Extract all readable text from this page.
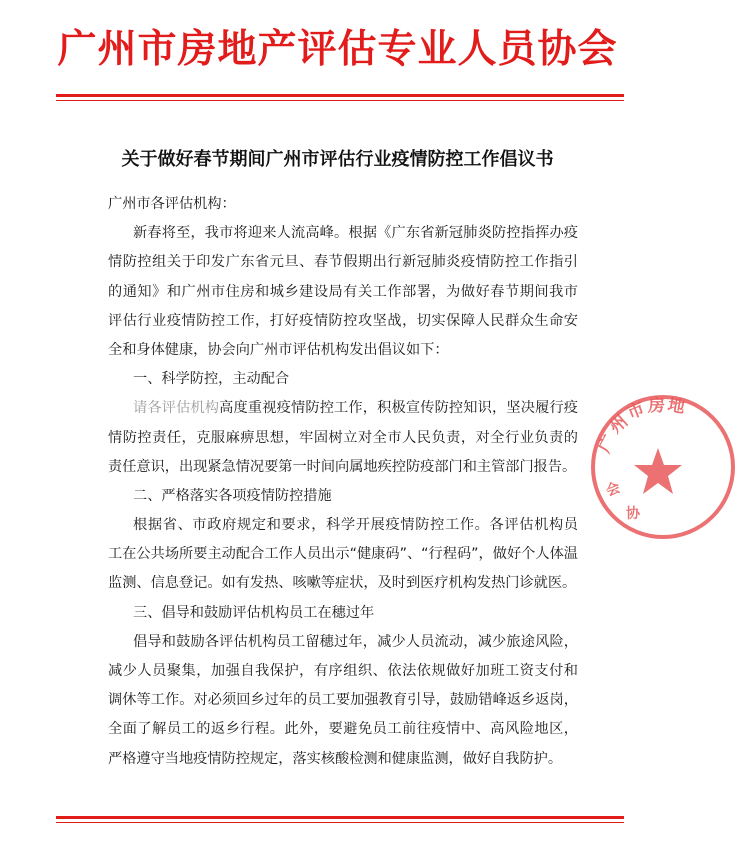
广州市房地产评估专业人员协会
关于做好春节期间广州市评估行业疫情防控工作倡议书
广州市各评估机构：
新春将至，我市将迎来人流高峰。根据《广东省新冠肺炎防控指挥办疫
情防控组关于印发广东省元旦、春节假期出行新冠肺炎疫情防控工作指引
的通知》和广州市住房和城乡建设局有关工作部署，为做好春节期间我市
评估行业疫情防控工作，打好疫情防控攻坚战，切实保障人民群众生命安
全和身体健康，协会向广州市评估机构发出倡议如下：
一、科学防控，主动配合
请各评估机构高度重视疫情防控工作，积极宣传防控知识，坚决履行疫
情防控责任，克服麻痹思想，牢固树立对全市人民负责，对全行业负责的
责任意识，出现紧急情况要第一时间向属地疾控防疫部门和主管部门报告。
二、严格落实各项疫情防控措施
根据省、市政府规定和要求，科学开展疫情防控工作。各评估机构员
工在公共场所要主动配合工作人员出示“健康码”、“行程码”，做好个人体温
监测、信息登记。如有发热、咳嗽等症状，及时到医疗机构发热门诊就医。
三、倡导和鼓励评估机构员工在穗过年
倡导和鼓励各评估机构员工留穗过年，减少人员流动，减少旅途风险，
减少人员聚集，加强自我保护，有序组织、依法依规做好加班工资支付和
调休等工作。对必须回乡过年的员工要加强教育引导，鼓励错峰返乡返岗，
全面了解员工的返乡行程。此外，要避免员工前往疫情中、高风险地区，
严格遵守当地疫情防控规定，落实核酸检测和健康监测，做好自我防护。
广
州
市 房 地
会
协
